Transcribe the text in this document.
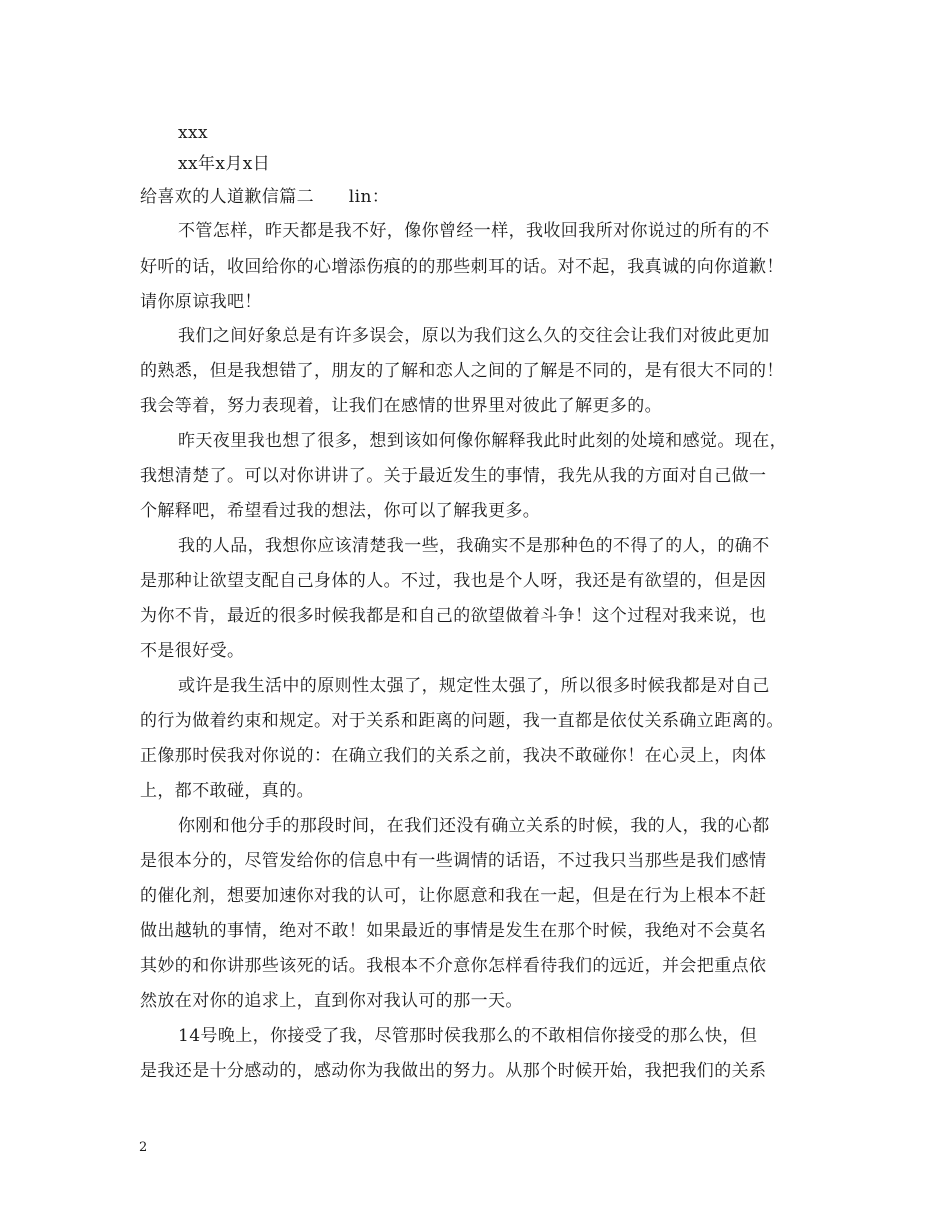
xxx
xx年x月x日
给喜欢的人道歉信篇二　　lin：
不管怎样，昨天都是我不好，像你曾经一样，我收回我所对你说过的所有的不
好听的话，收回给你的心增添伤痕的的那些刺耳的话。对不起，我真诚的向你道歉！
请你原谅我吧！
我们之间好象总是有许多误会，原以为我们这么久的交往会让我们对彼此更加
的熟悉，但是我想错了，朋友的了解和恋人之间的了解是不同的，是有很大不同的！
我会等着，努力表现着，让我们在感情的世界里对彼此了解更多的。
昨天夜里我也想了很多，想到该如何像你解释我此时此刻的处境和感觉。现在，
我想清楚了。可以对你讲讲了。关于最近发生的事情，我先从我的方面对自己做一
个解释吧，希望看过我的想法，你可以了解我更多。
我的人品，我想你应该清楚我一些，我确实不是那种色的不得了的人，的确不
是那种让欲望支配自己身体的人。不过，我也是个人呀，我还是有欲望的，但是因
为你不肯，最近的很多时候我都是和自己的欲望做着斗争！这个过程对我来说，也
不是很好受。
或许是我生活中的原则性太强了，规定性太强了，所以很多时候我都是对自己
的行为做着约束和规定。对于关系和距离的问题，我一直都是依仗关系确立距离的。
正像那时侯我对你说的：在确立我们的关系之前，我决不敢碰你！在心灵上，肉体
上，都不敢碰，真的。
你刚和他分手的那段时间，在我们还没有确立关系的时候，我的人，我的心都
是很本分的，尽管发给你的信息中有一些调情的话语，不过我只当那些是我们感情
的催化剂，想要加速你对我的认可，让你愿意和我在一起，但是在行为上根本不赶
做出越轨的事情，绝对不敢！如果最近的事情是发生在那个时候，我绝对不会莫名
其妙的和你讲那些该死的话。我根本不介意你怎样看待我们的远近，并会把重点依
然放在对你的追求上，直到你对我认可的那一天。
14号晚上，你接受了我，尽管那时侯我那么的不敢相信你接受的那么快，但
是我还是十分感动的，感动你为我做出的努力。从那个时候开始，我把我们的关系
2
